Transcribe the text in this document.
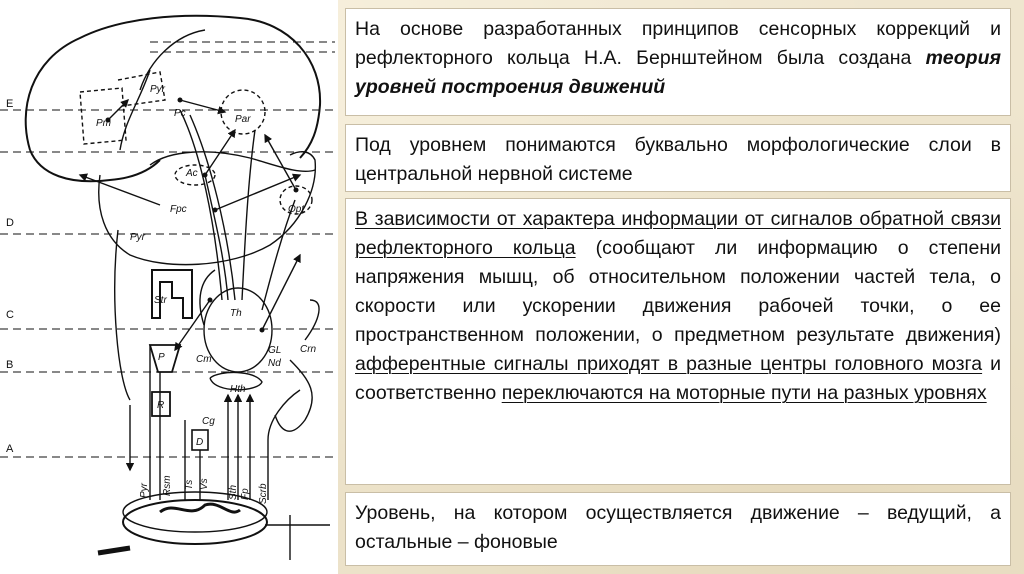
E
D
C
B
A
Pyr
Pm
Pc
Par
Ac
Opt
Fpc
Pyr
Str
Th
P	Cm
GL
Nd
Crn
Hth
R
Cg
D
Pyr Rsm Ts Vs
Sth Fp Scrb

На основе разработанных принципов сенсорных коррекций и рефлекторного кольца Н.А. Бернштейном была создана теория уровней построения движений

Под уровнем понимаются буквально морфологические слои в центральной нервной системе

В зависимости от характера информации от сигналов обратной связи рефлекторного кольца (сообщают ли информацию о степени напряжения мышц, об относительном положении частей тела, о скорости или ускорении движения рабочей точки, о ее пространственном положении, о предметном результате движения) афферентные сигналы приходят в разные центры головного мозга и соответственно переключаются на моторные пути на разных уровнях

Уровень, на котором осуществляется движение – ведущий, а остальные – фоновые
